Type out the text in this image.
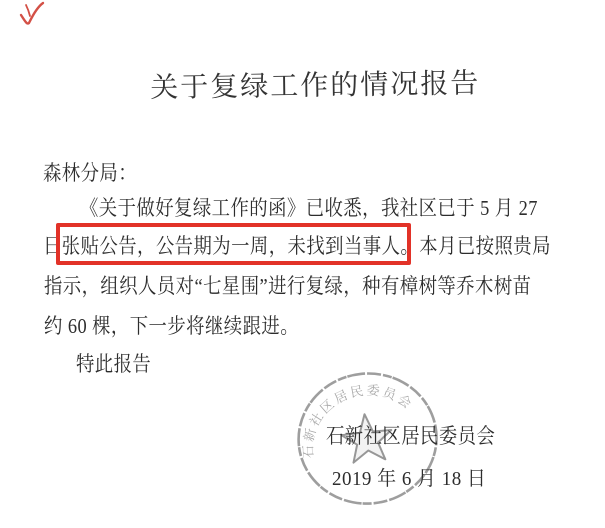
关于复绿工作的情况报告
森林分局：
《关于做好复绿工作的函》已收悉，我社区已于 5 月 27
日张贴公告，公告期为一周，未找到当事人。本月已按照贵局
指示，组织人员对“七星围”进行复绿，种有樟树等乔木树苗
约 60 棵，下一步将继续跟进。
特此报告
石新社区居民委员会
石新社区居民委员会
2019 年 6 月 18 日
